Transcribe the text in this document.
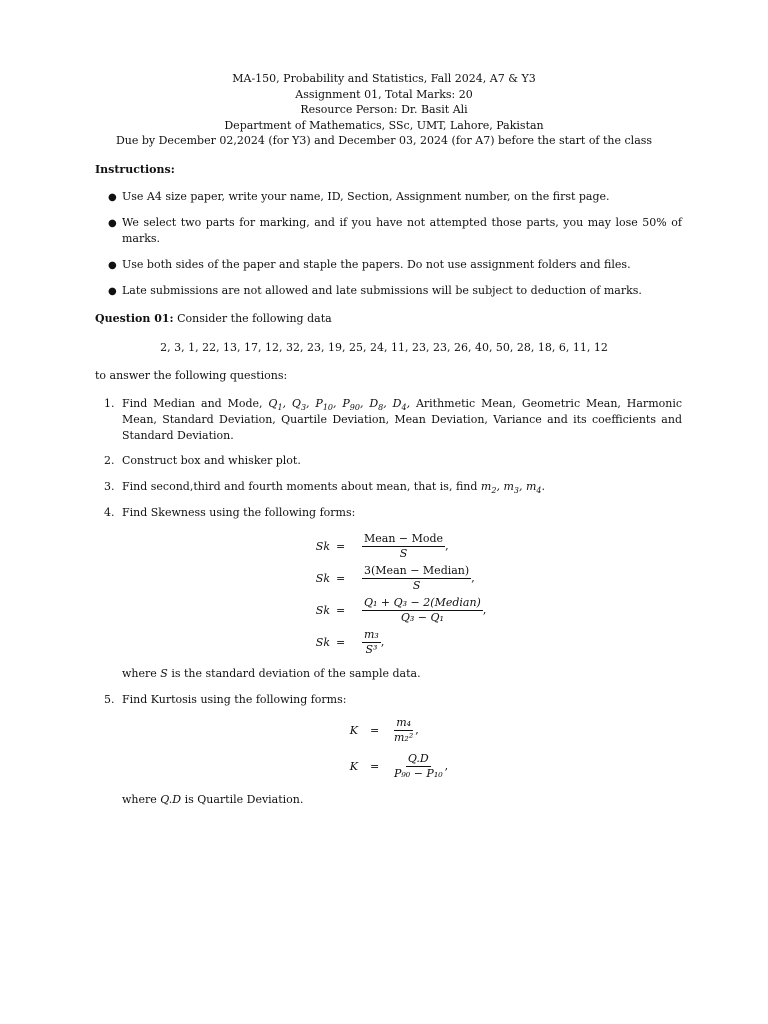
MA-150, Probability and Statistics, Fall 2024, A7 & Y3
Assignment 01, Total Marks: 20
Resource Person: Dr. Basit Ali
Department of Mathematics, SSc, UMT, Lahore, Pakistan
Due by December 02,2024 (for Y3) and December 03, 2024 (for A7) before the start of the class
Instructions:
● Use A4 size paper, write your name, ID, Section, Assignment number, on the first page.
● We select two parts for marking, and if you have not attempted those parts, you may lose 50% of marks.
● Use both sides of the paper and staple the papers. Do not use assignment folders and files.
● Late submissions are not allowed and late submissions will be subject to deduction of marks.
Question 01: Consider the following data
2, 3, 1, 22, 13, 17, 12, 32, 23, 19, 25, 24, 11, 23, 23, 26, 40, 50, 28, 18, 6, 11, 12
to answer the following questions:
1. Find Median and Mode, $Q_1$, $Q_3$, $P_{10}$, $P_{90}$, $D_8$, $D_4$, Arithmetic Mean, Geometric Mean, Harmonic Mean, Standard Deviation, Quartile Deviation, Mean Deviation, Variance and its coefficients and Standard Deviation.
2. Construct box and whisker plot.
3. Find second,third and fourth moments about mean, that is, find $m_2$, $m_3$, $m_4$.
4. Find Skewness using the following forms:
$Sk = \frac{\text{Mean − Mode}}{S}$ ,
$Sk = \frac{\text{3(Mean − Median)}}{S}$ ,
$Sk = \frac{\text{Q₁ + Q₃ − 2(Median)}}{\text{Q₃ − Q₁}}$ ,
$Sk = \frac{\text{m₃}}{\text{S³}}$ ,
where S is the standard deviation of the sample data.
5. Find Kurtosis using the following forms:
$K = \frac{\text{m₄}}{\text{m₂²}}$ ,
$K = \frac{Q.D}{\text{P₉₀ − P₁₀}}$ ,
where Q.D is Quartile Deviation.
